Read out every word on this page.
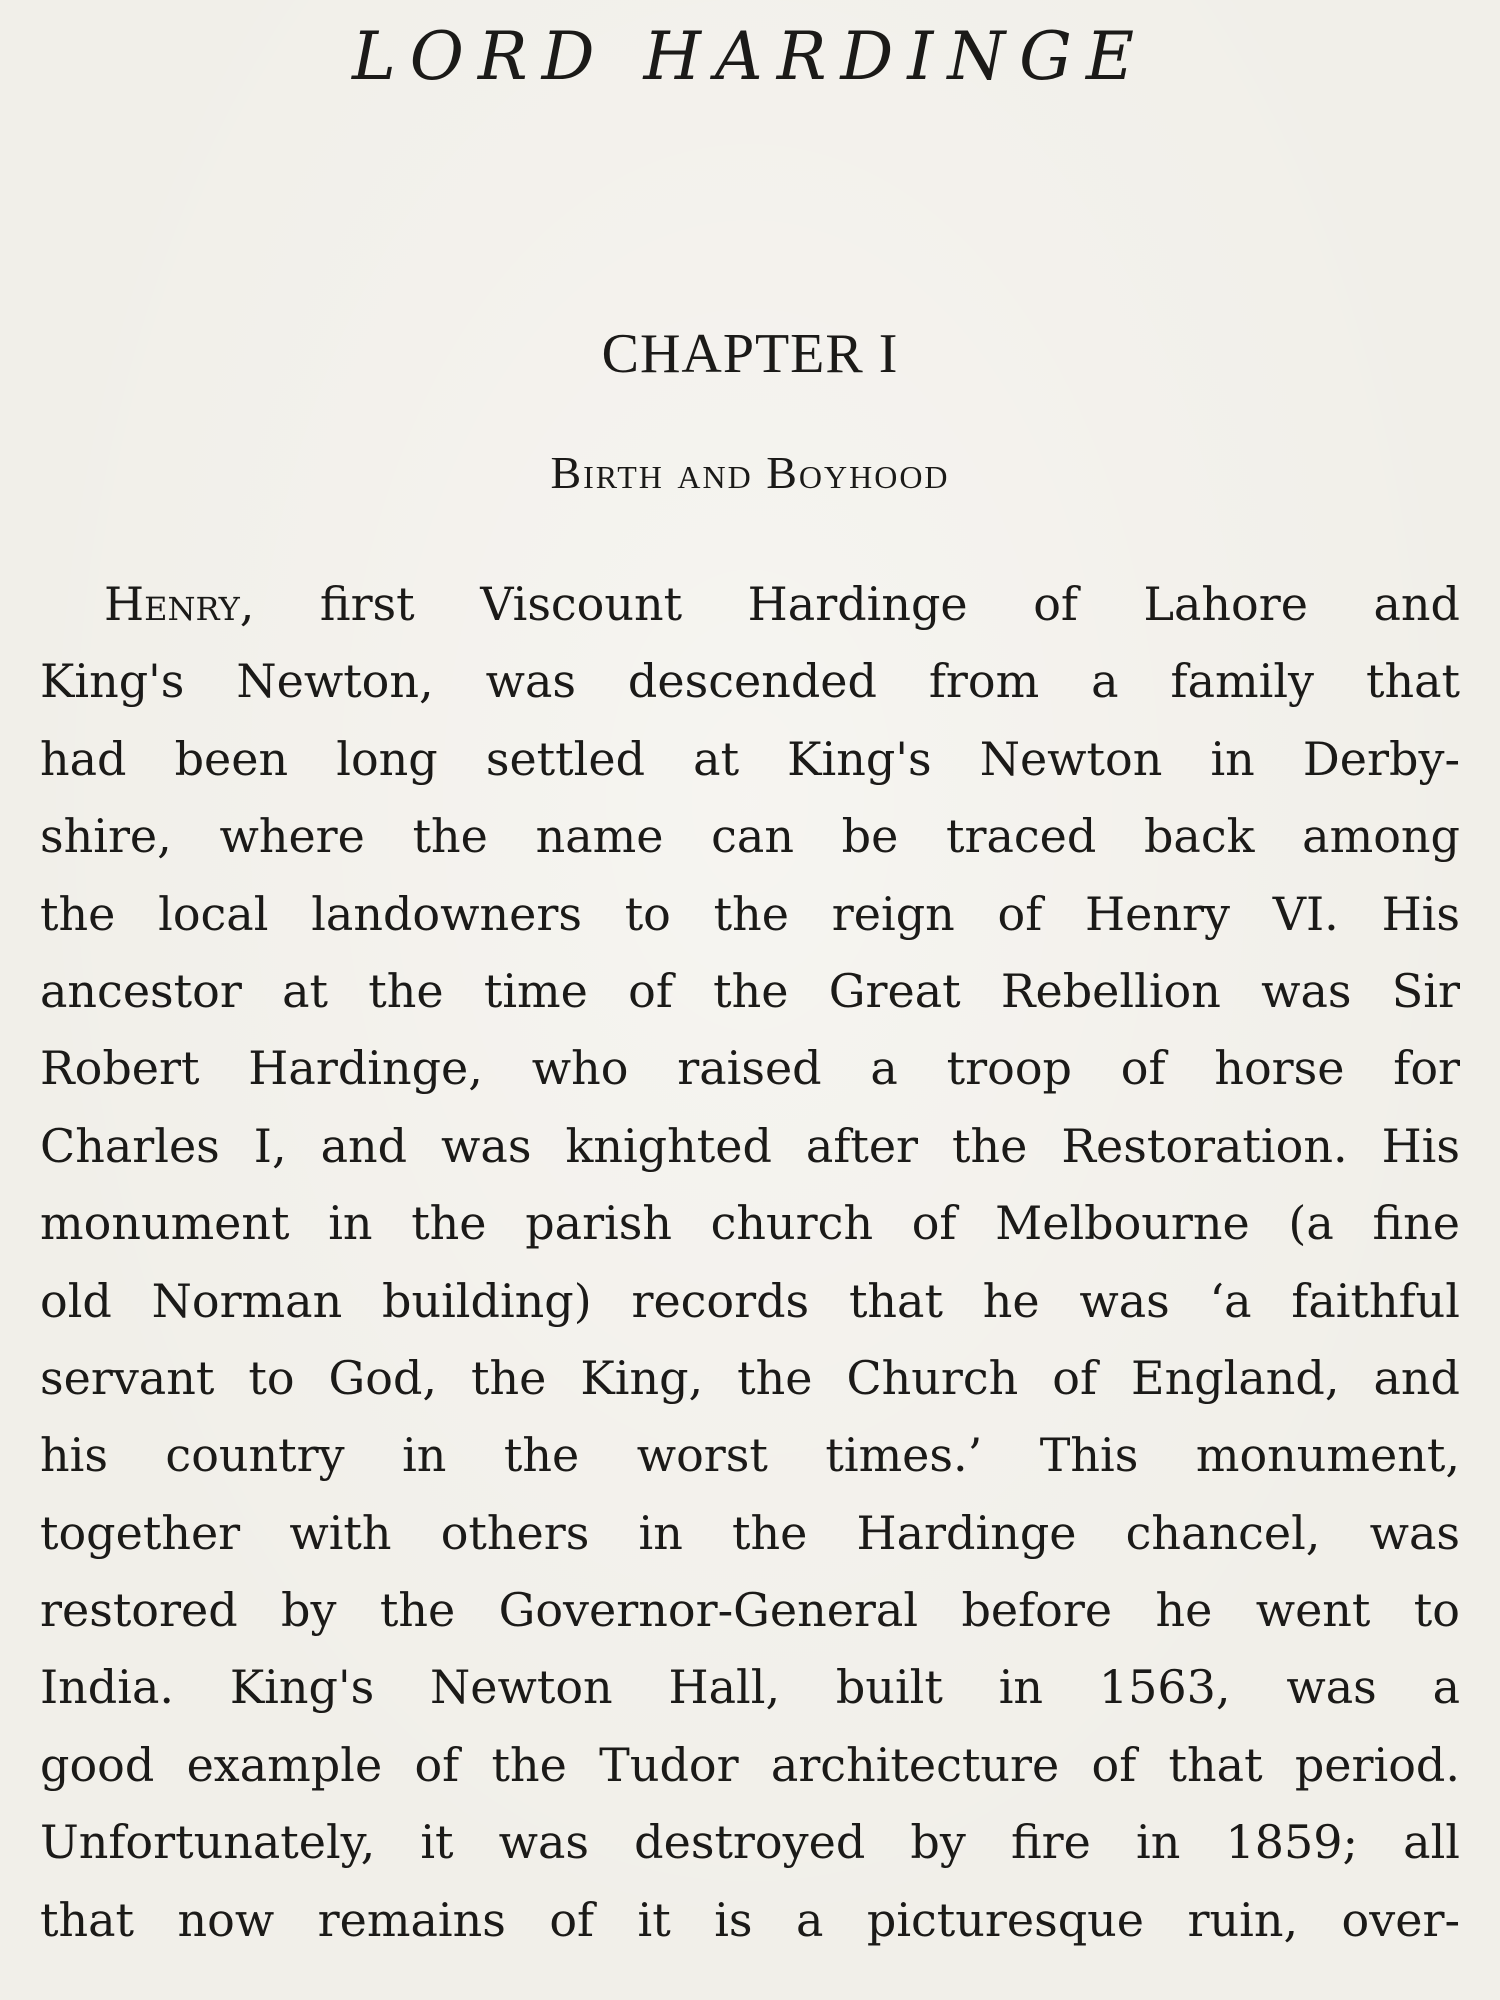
LORD HARDINGE
CHAPTER I
Birth and Boyhood
Henry, first Viscount Hardinge of Lahore and
King's Newton, was descended from a family that
had been long settled at King's Newton in Derby-
shire, where the name can be traced back among
the local landowners to the reign of Henry VI. His
ancestor at the time of the Great Rebellion was Sir
Robert Hardinge, who raised a troop of horse for
Charles I, and was knighted after the Restoration. His
monument in the parish church of Melbourne (a fine
old Norman building) records that he was ‘a faithful
servant to God, the King, the Church of England, and
his country in the worst times.’ This monument,
together with others in the Hardinge chancel, was
restored by the Governor-General before he went to
India. King's Newton Hall, built in 1563, was a
good example of the Tudor architecture of that period.
Unfortunately, it was destroyed by fire in 1859; all
that now remains of it is a picturesque ruin, over-
